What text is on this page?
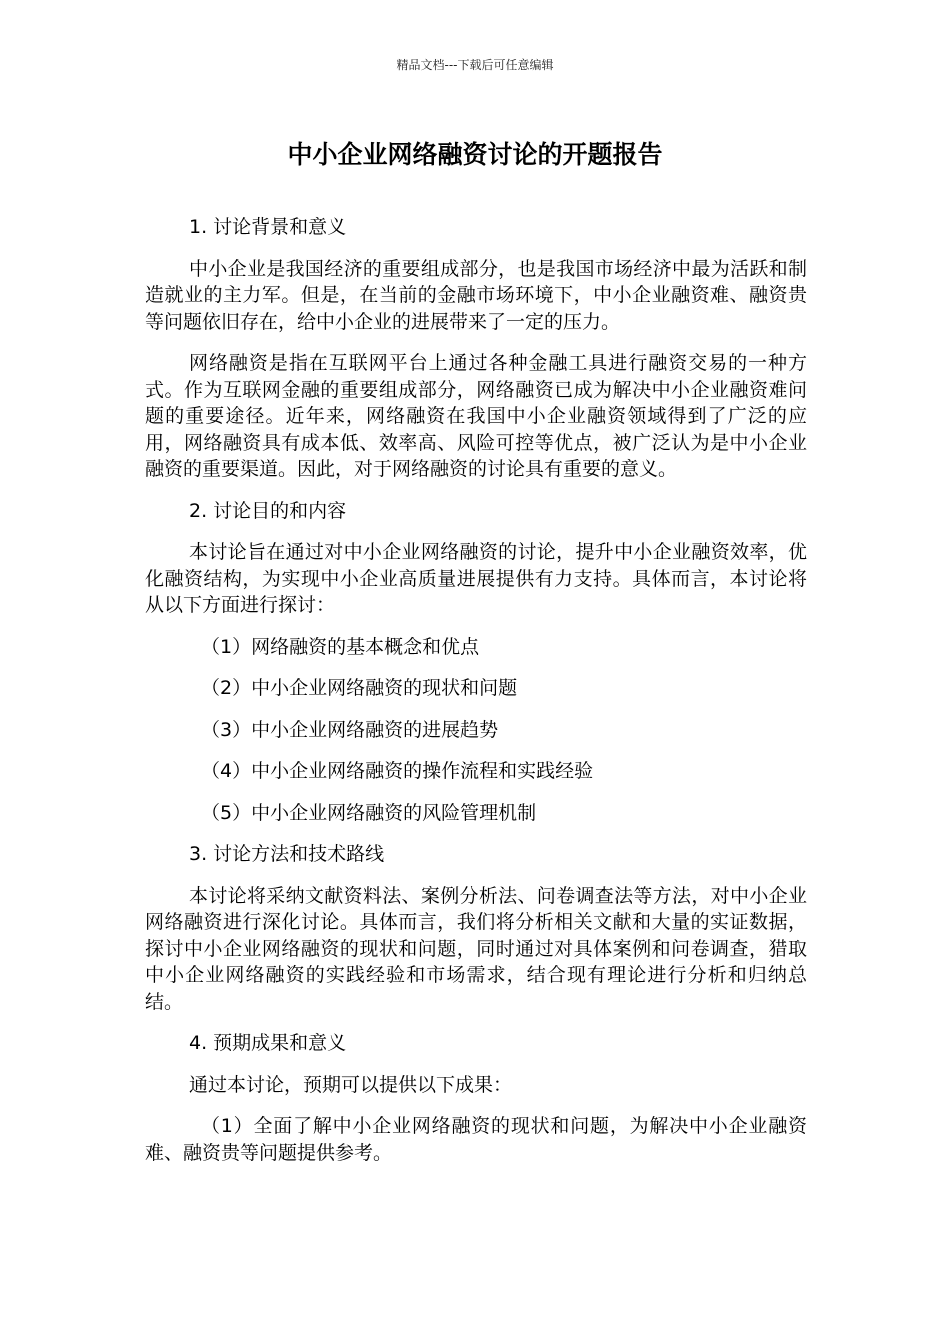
精品文档---下载后可任意编辑
中小企业网络融资讨论的开题报告
1. 讨论背景和意义
中小企业是我国经济的重要组成部分，也是我国市场经济中最为活跃和制造就业的主力军。但是，在当前的金融市场环境下，中小企业融资难、融资贵等问题依旧存在，给中小企业的进展带来了一定的压力。
网络融资是指在互联网平台上通过各种金融工具进行融资交易的一种方式。作为互联网金融的重要组成部分，网络融资已成为解决中小企业融资难问题的重要途径。近年来，网络融资在我国中小企业融资领域得到了广泛的应用，网络融资具有成本低、效率高、风险可控等优点，被广泛认为是中小企业融资的重要渠道。因此，对于网络融资的讨论具有重要的意义。
2. 讨论目的和内容
本讨论旨在通过对中小企业网络融资的讨论，提升中小企业融资效率，优化融资结构，为实现中小企业高质量进展提供有力支持。具体而言，本讨论将从以下方面进行探讨：
（1）网络融资的基本概念和优点
（2）中小企业网络融资的现状和问题
（3）中小企业网络融资的进展趋势
（4）中小企业网络融资的操作流程和实践经验
（5）中小企业网络融资的风险管理机制
3. 讨论方法和技术路线
本讨论将采纳文献资料法、案例分析法、问卷调查法等方法，对中小企业网络融资进行深化讨论。具体而言，我们将分析相关文献和大量的实证数据，探讨中小企业网络融资的现状和问题，同时通过对具体案例和问卷调查，猎取中小企业网络融资的实践经验和市场需求，结合现有理论进行分析和归纳总结。
4. 预期成果和意义
通过本讨论，预期可以提供以下成果：
（1）全面了解中小企业网络融资的现状和问题，为解决中小企业融资难、融资贵等问题提供参考。
